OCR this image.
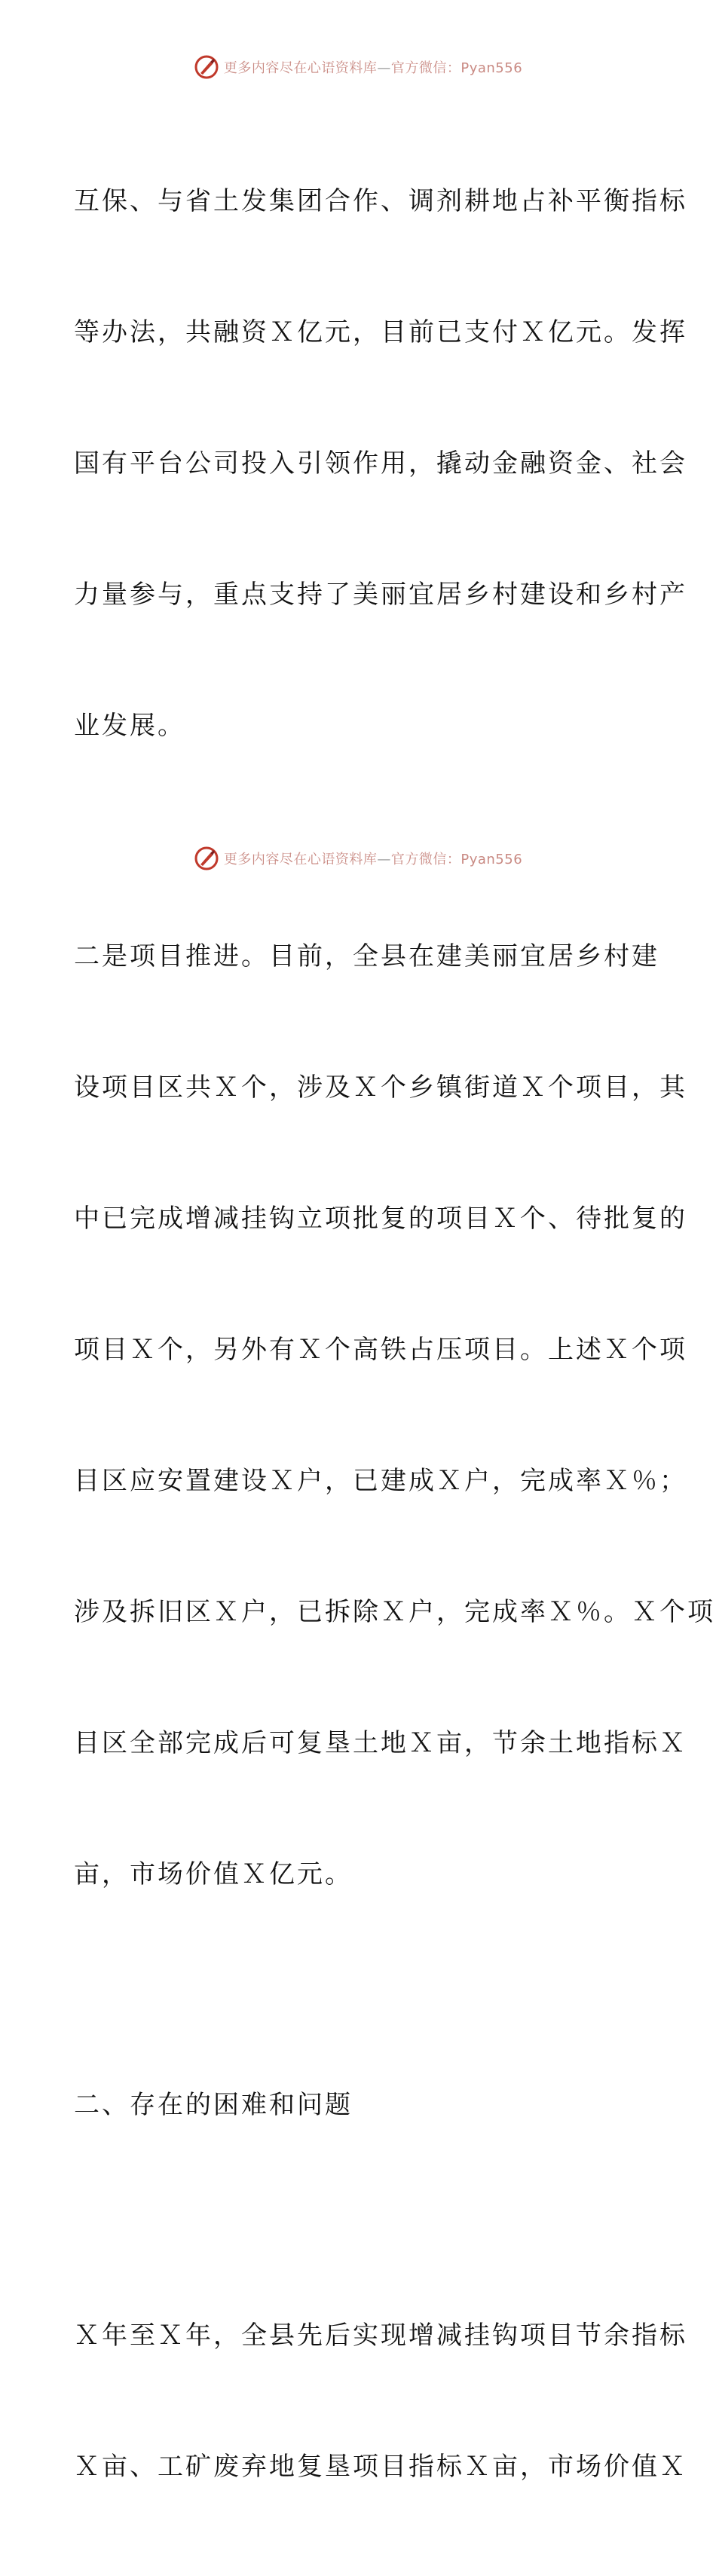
更多内容尽在心语资料库—官方微信：Pyan556

互保、与省土发集团合作、调剂耕地占补平衡指标

等办法，共融资Ｘ亿元，目前已支付Ｘ亿元。发挥

国有平台公司投入引领作用，撬动金融资金、社会

力量参与，重点支持了美丽宜居乡村建设和乡村产

业发展。

二是项目推进。目前，全县在建美丽宜居乡村建

设项目区共Ｘ个，涉及Ｘ个乡镇街道Ｘ个项目，其

中已完成增减挂钩立项批复的项目Ｘ个、待批复的

项目Ｘ个，另外有Ｘ个高铁占压项目。上述Ｘ个项

目区应安置建设Ｘ户，已建成Ｘ户，完成率Ｘ％；

涉及拆旧区Ｘ户，已拆除Ｘ户，完成率Ｘ％。Ｘ个项

目区全部完成后可复垦土地Ｘ亩，节余土地指标Ｘ

亩，市场价值Ｘ亿元。

二、存在的困难和问题

Ｘ年至Ｘ年，全县先后实现增减挂钩项目节余指标

Ｘ亩、工矿废弃地复垦项目指标Ｘ亩，市场价值Ｘ

更多内容尽在心语资料库—官方微信：Pyan556
